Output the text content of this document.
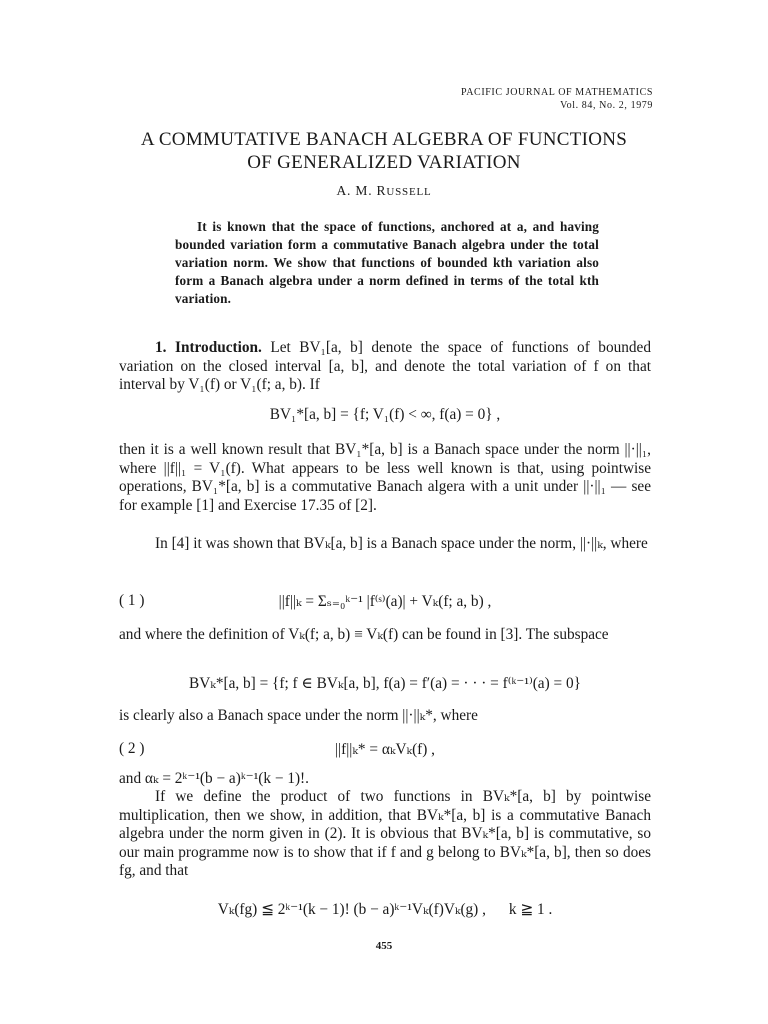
PACIFIC JOURNAL OF MATHEMATICS
Vol. 84, No. 2, 1979
A COMMUTATIVE BANACH ALGEBRA OF FUNCTIONS
OF GENERALIZED VARIATION
A. M. RUSSELL
It is known that the space of functions, anchored at a, and having bounded variation form a commutative Banach algebra under the total variation norm. We show that functions of bounded kth variation also form a Banach algebra under a norm defined in terms of the total kth variation.
1. Introduction. Let BV₁[a, b] denote the space of functions of bounded variation on the closed interval [a, b], and denote the total variation of f on that interval by V₁(f) or V₁(f; a, b). If
BV₁*[a, b] = {f; V₁(f) < ∞, f(a) = 0} ,
then it is a well known result that BV₁*[a, b] is a Banach space under the norm ||·||₁, where ||f||₁ = V₁(f). What appears to be less well known is that, using pointwise operations, BV₁*[a, b] is a commutative Banach algera with a unit under ||·||₁ — see for example [1] and Exercise 17.35 of [2].
In [4] it was shown that BVₖ[a, b] is a Banach space under the norm, ||·||ₖ, where
( 1 )	||f||ₖ = Σₛ₌₀ᵏ⁻¹ |f⁽ˢ⁾(a)| + Vₖ(f; a, b) ,
and where the definition of Vₖ(f; a, b) ≡ Vₖ(f) can be found in [3]. The subspace
BVₖ*[a, b] = {f; f ∈ BVₖ[a, b], f(a) = f′(a) = · · · = f⁽ᵏ⁻¹⁾(a) = 0}
is clearly also a Banach space under the norm ||·||ₖ*, where
( 2 )	||f||ₖ* = αₖVₖ(f) ,
and αₖ = 2ᵏ⁻¹(b − a)ᵏ⁻¹(k − 1)!.
If we define the product of two functions in BVₖ*[a, b] by pointwise multiplication, then we show, in addition, that BVₖ*[a, b] is a commutative Banach algebra under the norm given in (2). It is obvious that BVₖ*[a, b] is commutative, so our main programme now is to show that if f and g belong to BVₖ*[a, b], then so does fg, and that
Vₖ(fg) ≦ 2ᵏ⁻¹(k − 1)! (b − a)ᵏ⁻¹Vₖ(f)Vₖ(g) ,      k ≧ 1 .
455
